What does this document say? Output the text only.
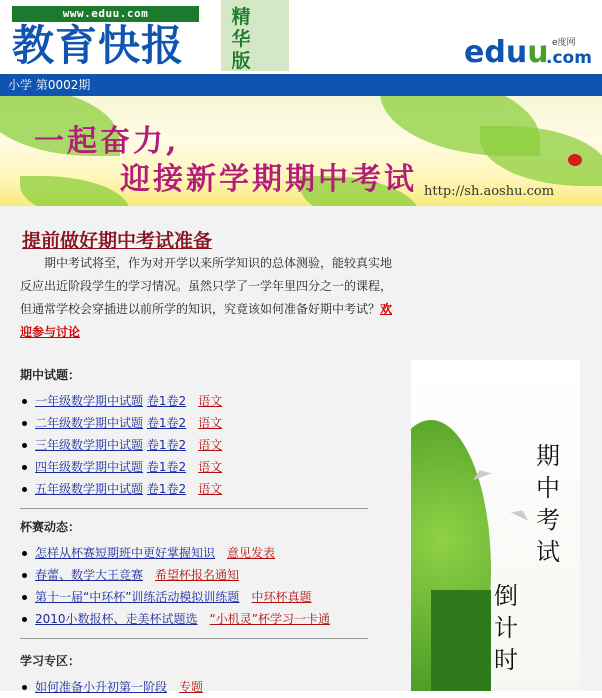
www.eduu.com
教育快报
精华版	eduu e度网
.com
小学 第0002期
一起奋力,
迎接新学期期中考试 http://sh.aoshu.com
提前做好期中考试准备
期中考试将至，作为对开学以来所学知识的总体测验，能较真实地反应出近阶段学生的学习情况。虽然只学了一学年里四分之一的课程，但通常学校会穿插进以前所学的知识，究竟该如何准备好期中考试？欢迎参与讨论
期中试题：
一年级数学期中试题 卷1卷2 语文
二年级数学期中试题 卷1卷2 语文
三年级数学期中试题 卷1卷2 语文
四年级数学期中试题 卷1卷2 语文
五年级数学期中试题 卷1卷2 语文
杯赛动态：
怎样从杯赛短期班中更好掌握知识 意见发表
春蕾、数学大王竞赛 希望杯报名通知
第十一届“中环杯”训练活动模拟训练题 中环杯真题
2010小数报杯、走美杯试题选 “小机灵”杯学习一卡通
学习专区：
如何准备小升初第一阶段 专题
期
中
考
试
倒
计
时
